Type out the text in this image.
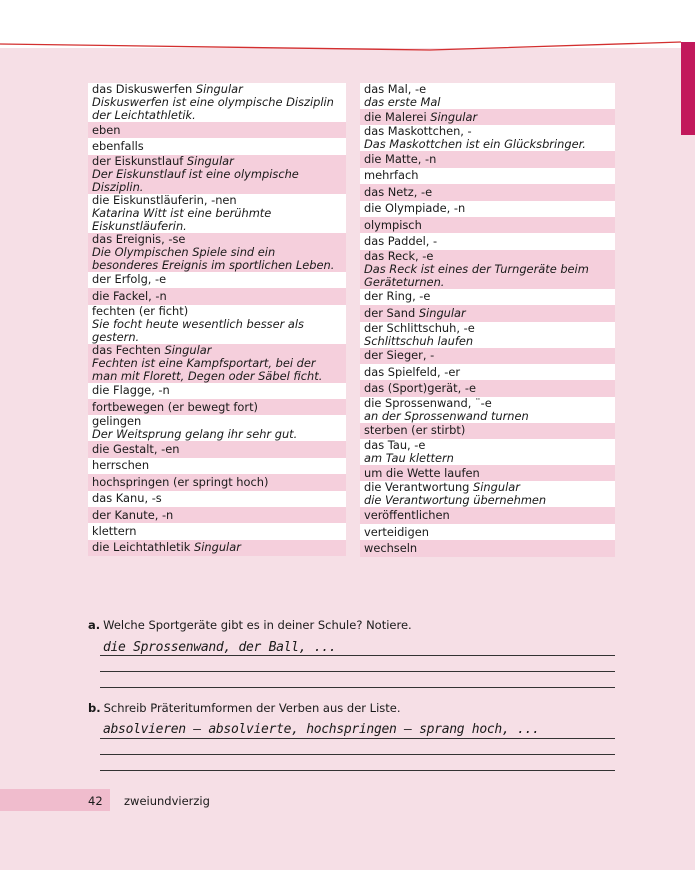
das Diskuswerfen Singular
Diskuswerfen ist eine olympische Disziplin der Leichtathletik.
eben
ebenfalls
der Eiskunstlauf Singular
Der Eiskunstlauf ist eine olympische Disziplin.
die Eiskunstläuferin, -nen
Katarina Witt ist eine berühmte Eiskunstläuferin.
das Ereignis, -se
Die Olympischen Spiele sind ein besonderes Ereignis im sportlichen Leben.
der Erfolg, -e
die Fackel, -n
fechten (er ficht)
Sie focht heute wesentlich besser als gestern.
das Fechten Singular
Fechten ist eine Kampfsportart, bei der man mit Florett, Degen oder Säbel ficht.
die Flagge, -n
fortbewegen (er bewegt fort)
gelingen
Der Weitsprung gelang ihr sehr gut.
die Gestalt, -en
herrschen
hochspringen (er springt hoch)
das Kanu, -s
der Kanute, -n
klettern
die Leichtathletik Singular
das Mal, -e
das erste Mal
die Malerei Singular
das Maskottchen, -
Das Maskottchen ist ein Glücksbringer.
die Matte, -n
mehrfach
das Netz, -e
die Olympiade, -n
olympisch
das Paddel, -
das Reck, -e
Das Reck ist eines der Turngeräte beim Geräteturnen.
der Ring, -e
der Sand Singular
der Schlittschuh, -e
Schlittschuh laufen
der Sieger, -
das Spielfeld, -er
das (Sport)gerät, -e
die Sprossenwand, ¨-e
an der Sprossenwand turnen
sterben (er stirbt)
das Tau, -e
am Tau klettern
um die Wette laufen
die Verantwortung Singular
die Verantwortung übernehmen
veröffentlichen
verteidigen
wechseln
a. Welche Sportgeräte gibt es in deiner Schule? Notiere.
die Sprossenwand, der Ball, ...
b. Schreib Präteritumformen der Verben aus der Liste.
absolvieren – absolvierte, hochspringen – sprang hoch, ...
42 zweiundvierzig
